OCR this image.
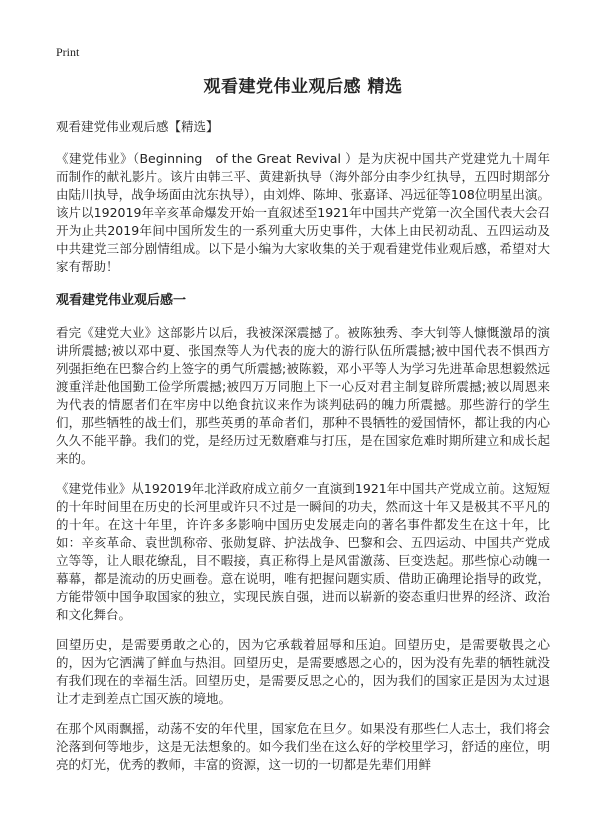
Print
观看建党伟业观后感 精选
观看建党伟业观后感【精选】

《建党伟业》（Beginning　of the Great Revival ）是为庆祝中国共产党建党九十周年而制作的献礼影片。该片由韩三平、黄建新执导（海外部分由李少红执导，五四时期部分由陆川执导，战争场面由沈东执导），由刘烨、陈坤、张嘉译、冯远征等108位明星出演。该片以192019年辛亥革命爆发开始一直叙述至1921年中国共产党第一次全国代表大会召开为止共2019年间中国所发生的一系列重大历史事件，大体上由民初动乱、五四运动及中共建党三部分剧情组成。以下是小编为大家收集的关于观看建党伟业观后感，希望对大家有帮助！

观看建党伟业观后感一

看完《建党大业》这部影片以后，我被深深震撼了。被陈独秀、李大钊等人慷慨激昂的演讲所震撼;被以邓中夏、张国焘等人为代表的庞大的游行队伍所震撼;被中国代表不惧西方列强拒绝在巴黎合约上签字的勇气所震撼;被陈毅，邓小平等人为学习先进革命思想毅然远渡重洋赴他国勤工俭学所震撼;被四万万同胞上下一心反对君主制复辟所震撼;被以周恩来为代表的情愿者们在牢房中以绝食抗议来作为谈判砝码的魄力所震撼。那些游行的学生们，那些牺牲的战士们，那些英勇的革命者们，那种不畏牺牲的爱国情怀，都让我的内心久久不能平静。我们的党，是经历过无数磨难与打压，是在国家危难时期所建立和成长起来的。

《建党伟业》从192019年北洋政府成立前夕一直演到1921年中国共产党成立前。这短短的十年时间里在历史的长河里或许只不过是一瞬间的功夫，然而这十年又是极其不平凡的的十年。在这十年里，许许多多影响中国历史发展走向的著名事件都发生在这十年，比如：辛亥革命、袁世凯称帝、张勋复辟、护法战争、巴黎和会、五四运动、中国共产党成立等等，让人眼花缭乱，目不暇接，真正称得上是风雷激荡、巨变迭起。那些惊心动魄一幕幕，都是流动的历史画卷。意在说明，唯有把握问题实质、借助正确理论指导的政党，方能带领中国争取国家的独立，实现民族自强，进而以崭新的姿态重归世界的经济、政治和文化舞台。

回望历史，是需要勇敢之心的，因为它承载着屈辱和压迫。回望历史，是需要敬畏之心的，因为它洒满了鲜血与热泪。回望历史，是需要感恩之心的，因为没有先辈的牺牲就没有我们现在的幸福生活。回望历史，是需要反思之心的，因为我们的国家正是因为太过退让才走到差点亡国灭族的境地。

在那个风雨飘摇，动荡不安的年代里，国家危在旦夕。如果没有那些仁人志士，我们将会沦落到何等地步，这是无法想象的。如今我们坐在这么好的学校里学习，舒适的座位，明亮的灯光，优秀的教师，丰富的资源，这一切的一切都是先辈们用鲜
